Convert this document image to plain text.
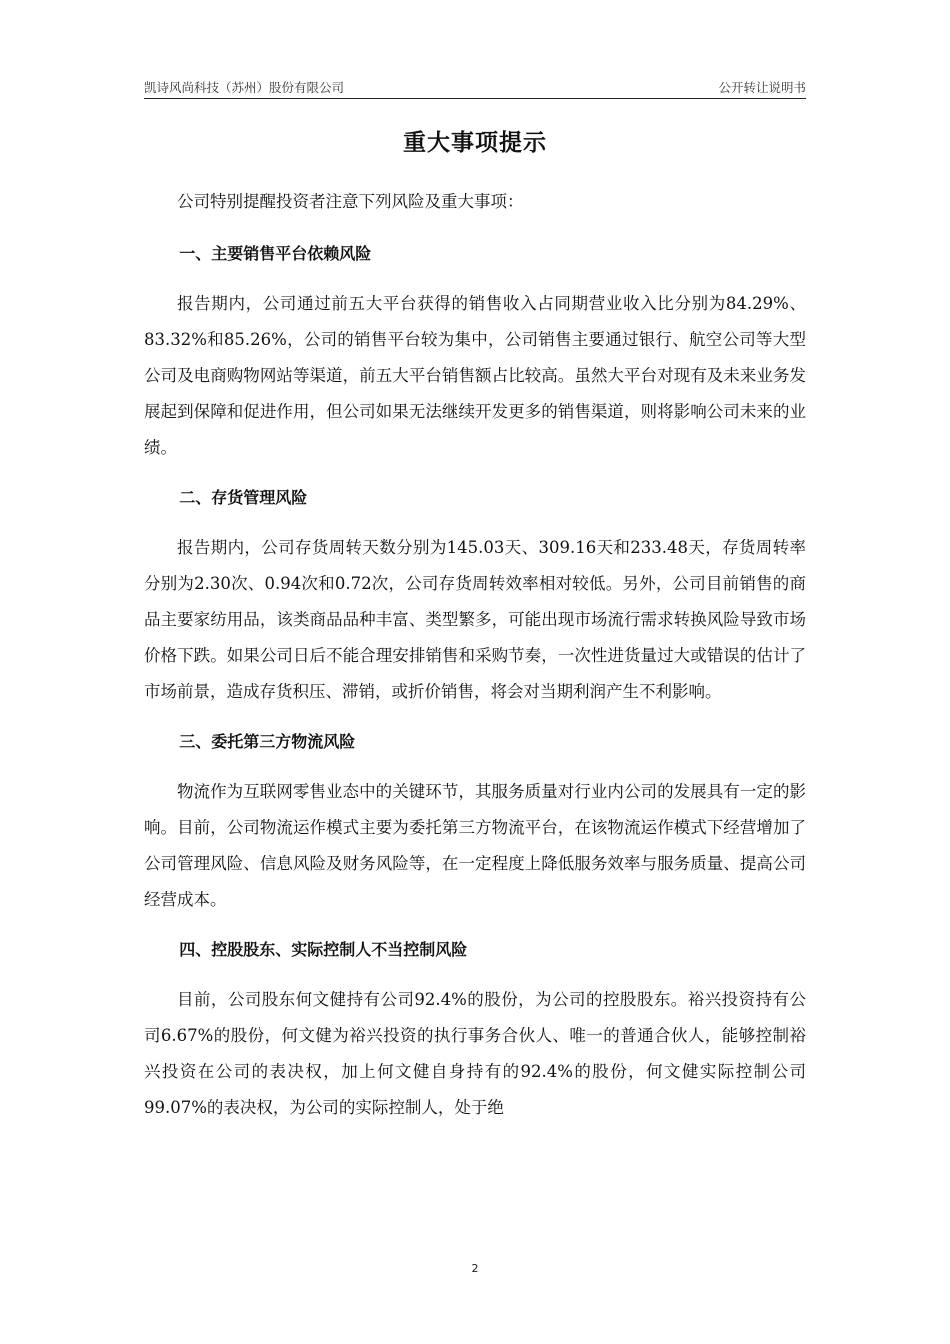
凯诗风尚科技（苏州）股份有限公司	公开转让说明书
重大事项提示

公司特别提醒投资者注意下列风险及重大事项：

一、主要销售平台依赖风险

报告期内，公司通过前五大平台获得的销售收入占同期营业收入比分别为84.29%、83.32%和85.26%，公司的销售平台较为集中，公司销售主要通过银行、航空公司等大型公司及电商购物网站等渠道，前五大平台销售额占比较高。虽然大平台对现有及未来业务发展起到保障和促进作用，但公司如果无法继续开发更多的销售渠道，则将影响公司未来的业绩。

二、存货管理风险

报告期内，公司存货周转天数分别为145.03天、309.16天和233.48天，存货周转率分别为2.30次、0.94次和0.72次，公司存货周转效率相对较低。另外，公司目前销售的商品主要家纺用品，该类商品品种丰富、类型繁多，可能出现市场流行需求转换风险导致市场价格下跌。如果公司日后不能合理安排销售和采购节奏，一次性进货量过大或错误的估计了市场前景，造成存货积压、滞销，或折价销售，将会对当期利润产生不利影响。

三、委托第三方物流风险

物流作为互联网零售业态中的关键环节，其服务质量对行业内公司的发展具有一定的影响。目前，公司物流运作模式主要为委托第三方物流平台，在该物流运作模式下经营增加了公司管理风险、信息风险及财务风险等，在一定程度上降低服务效率与服务质量、提高公司经营成本。

四、控股股东、实际控制人不当控制风险

目前，公司股东何文健持有公司92.4%的股份，为公司的控股股东。裕兴投资持有公司6.67%的股份，何文健为裕兴投资的执行事务合伙人、唯一的普通合伙人，能够控制裕兴投资在公司的表决权，加上何文健自身持有的92.4%的股份，何文健实际控制公司99.07%的表决权，为公司的实际控制人，处于绝

2
